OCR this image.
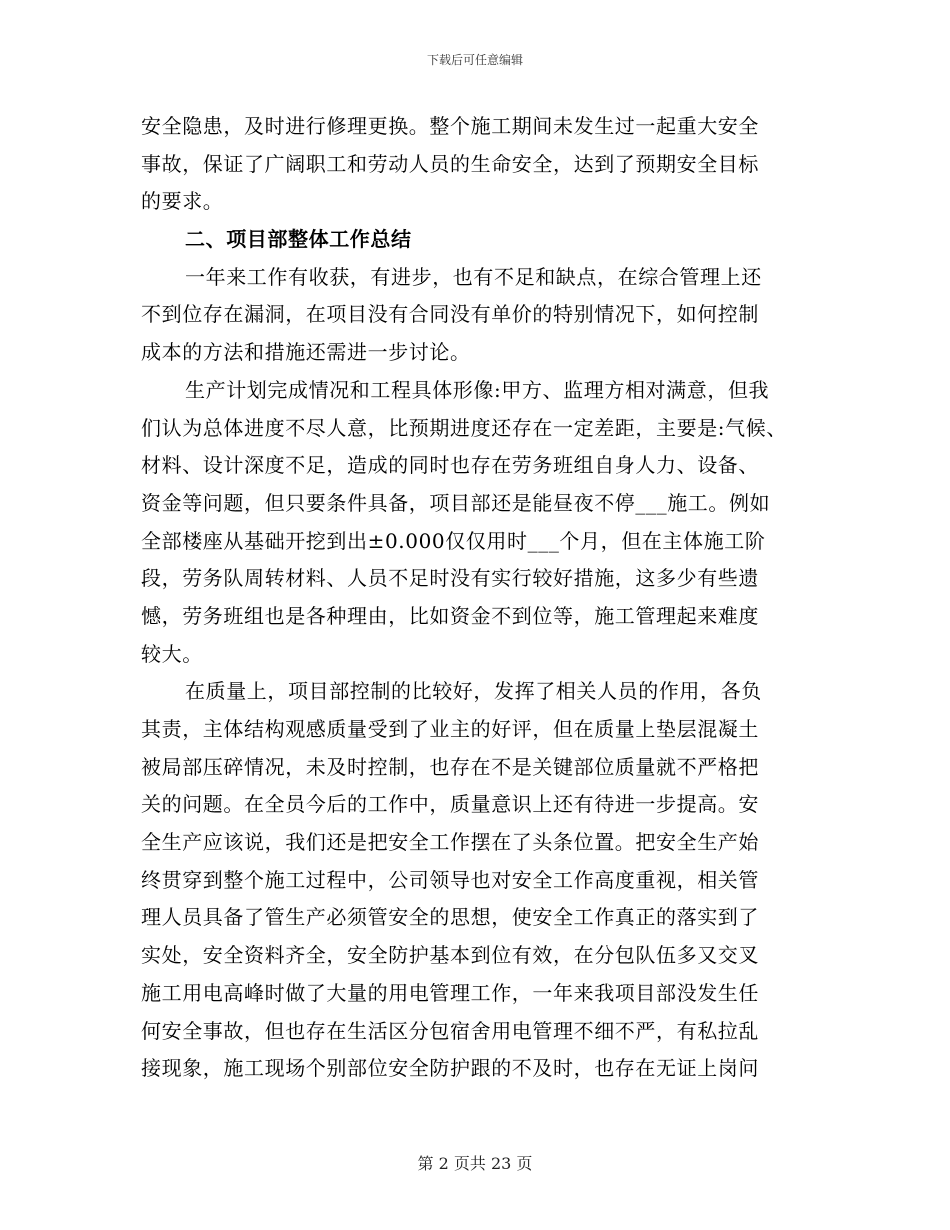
下载后可任意编辑
安全隐患，及时进行修理更换。整个施工期间未发生过一起重大安全
事故，保证了广阔职工和劳动人员的生命安全，达到了预期安全目标
的要求。
二、项目部整体工作总结
一年来工作有收获，有进步，也有不足和缺点，在综合管理上还
不到位存在漏洞，在项目没有合同没有单价的特别情况下，如何控制
成本的方法和措施还需进一步讨论。
生产计划完成情况和工程具体形像:甲方、监理方相对满意，但我
们认为总体进度不尽人意，比预期进度还存在一定差距，主要是:气候、
材料、设计深度不足，造成的同时也存在劳务班组自身人力、设备、
资金等问题，但只要条件具备，项目部还是能昼夜不停___施工。例如
全部楼座从基础开挖到出±0.000仅仅用时___个月，但在主体施工阶
段，劳务队周转材料、人员不足时没有实行较好措施，这多少有些遗
憾，劳务班组也是各种理由，比如资金不到位等，施工管理起来难度
较大。
在质量上，项目部控制的比较好，发挥了相关人员的作用，各负
其责，主体结构观感质量受到了业主的好评，但在质量上垫层混凝土
被局部压碎情况，未及时控制，也存在不是关键部位质量就不严格把
关的问题。在全员今后的工作中，质量意识上还有待进一步提高。安
全生产应该说，我们还是把安全工作摆在了头条位置。把安全生产始
终贯穿到整个施工过程中，公司领导也对安全工作高度重视，相关管
理人员具备了管生产必须管安全的思想，使安全工作真正的落实到了
实处，安全资料齐全，安全防护基本到位有效，在分包队伍多又交叉
施工用电高峰时做了大量的用电管理工作，一年来我项目部没发生任
何安全事故，但也存在生活区分包宿舍用电管理不细不严，有私拉乱
接现象，施工现场个别部位安全防护跟的不及时，也存在无证上岗问
第 2 页共 23 页
